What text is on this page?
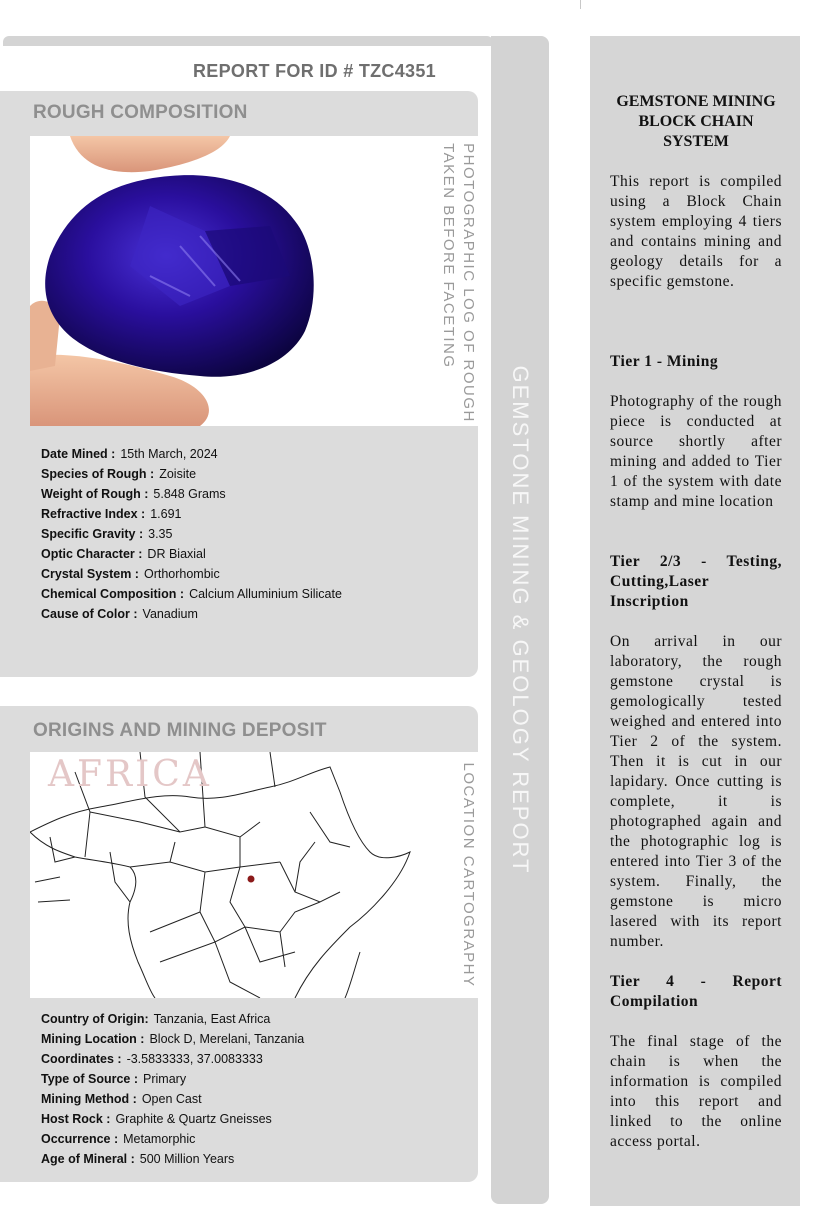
GEMSTONE MINING & GEOLOGY REPORT
REPORT FOR ID # TZC4351
ROUGH COMPOSITION
PHOTOGRAPHIC LOG OF ROUGH
TAKEN BEFORE FACETING
Date Mined : 15th March, 2024
Species of Rough : Zoisite
Weight of Rough : 5.848 Grams
Refractive Index : 1.691
Specific Gravity : 3.35
Optic Character : DR Biaxial
Crystal System : Orthorhombic
Chemical Composition : Calcium Alluminium Silicate
Cause of Color : Vanadium
ORIGINS AND MINING DEPOSIT
AFRICA	LOCATION CARTOGRAPHY
Country of Origin: Tanzania, East Africa
Mining Location : Block D, Merelani, Tanzania
Coordinates : -3.5833333, 37.0083333
Type of Source : Primary
Mining Method : Open Cast
Host Rock : Graphite & Quartz Gneisses
Occurrence : Metamorphic
Age of Mineral : 500 Million Years
GEMSTONE MINING BLOCK CHAIN SYSTEM
This report is compiled using a Block Chain system employing 4 tiers and contains mining and geology details for a specific gemstone.
Tier 1 - Mining
Photography of the rough piece is conducted at source shortly after mining and added to Tier 1 of the system with date stamp and mine location
Tier 2/3 - Testing, Cutting,Laser Inscription
On arrival in our laboratory, the rough gemstone crystal is gemologically tested weighed and entered into Tier 2 of the system. Then it is cut in our lapidary. Once cutting is complete, it is photographed again and the photographic log is entered into Tier 3 of the system. Finally, the gemstone is micro lasered with its report number.
Tier 4 - Report Compilation
The final stage of the chain is when the information is compiled into this report and linked to the online access portal.
